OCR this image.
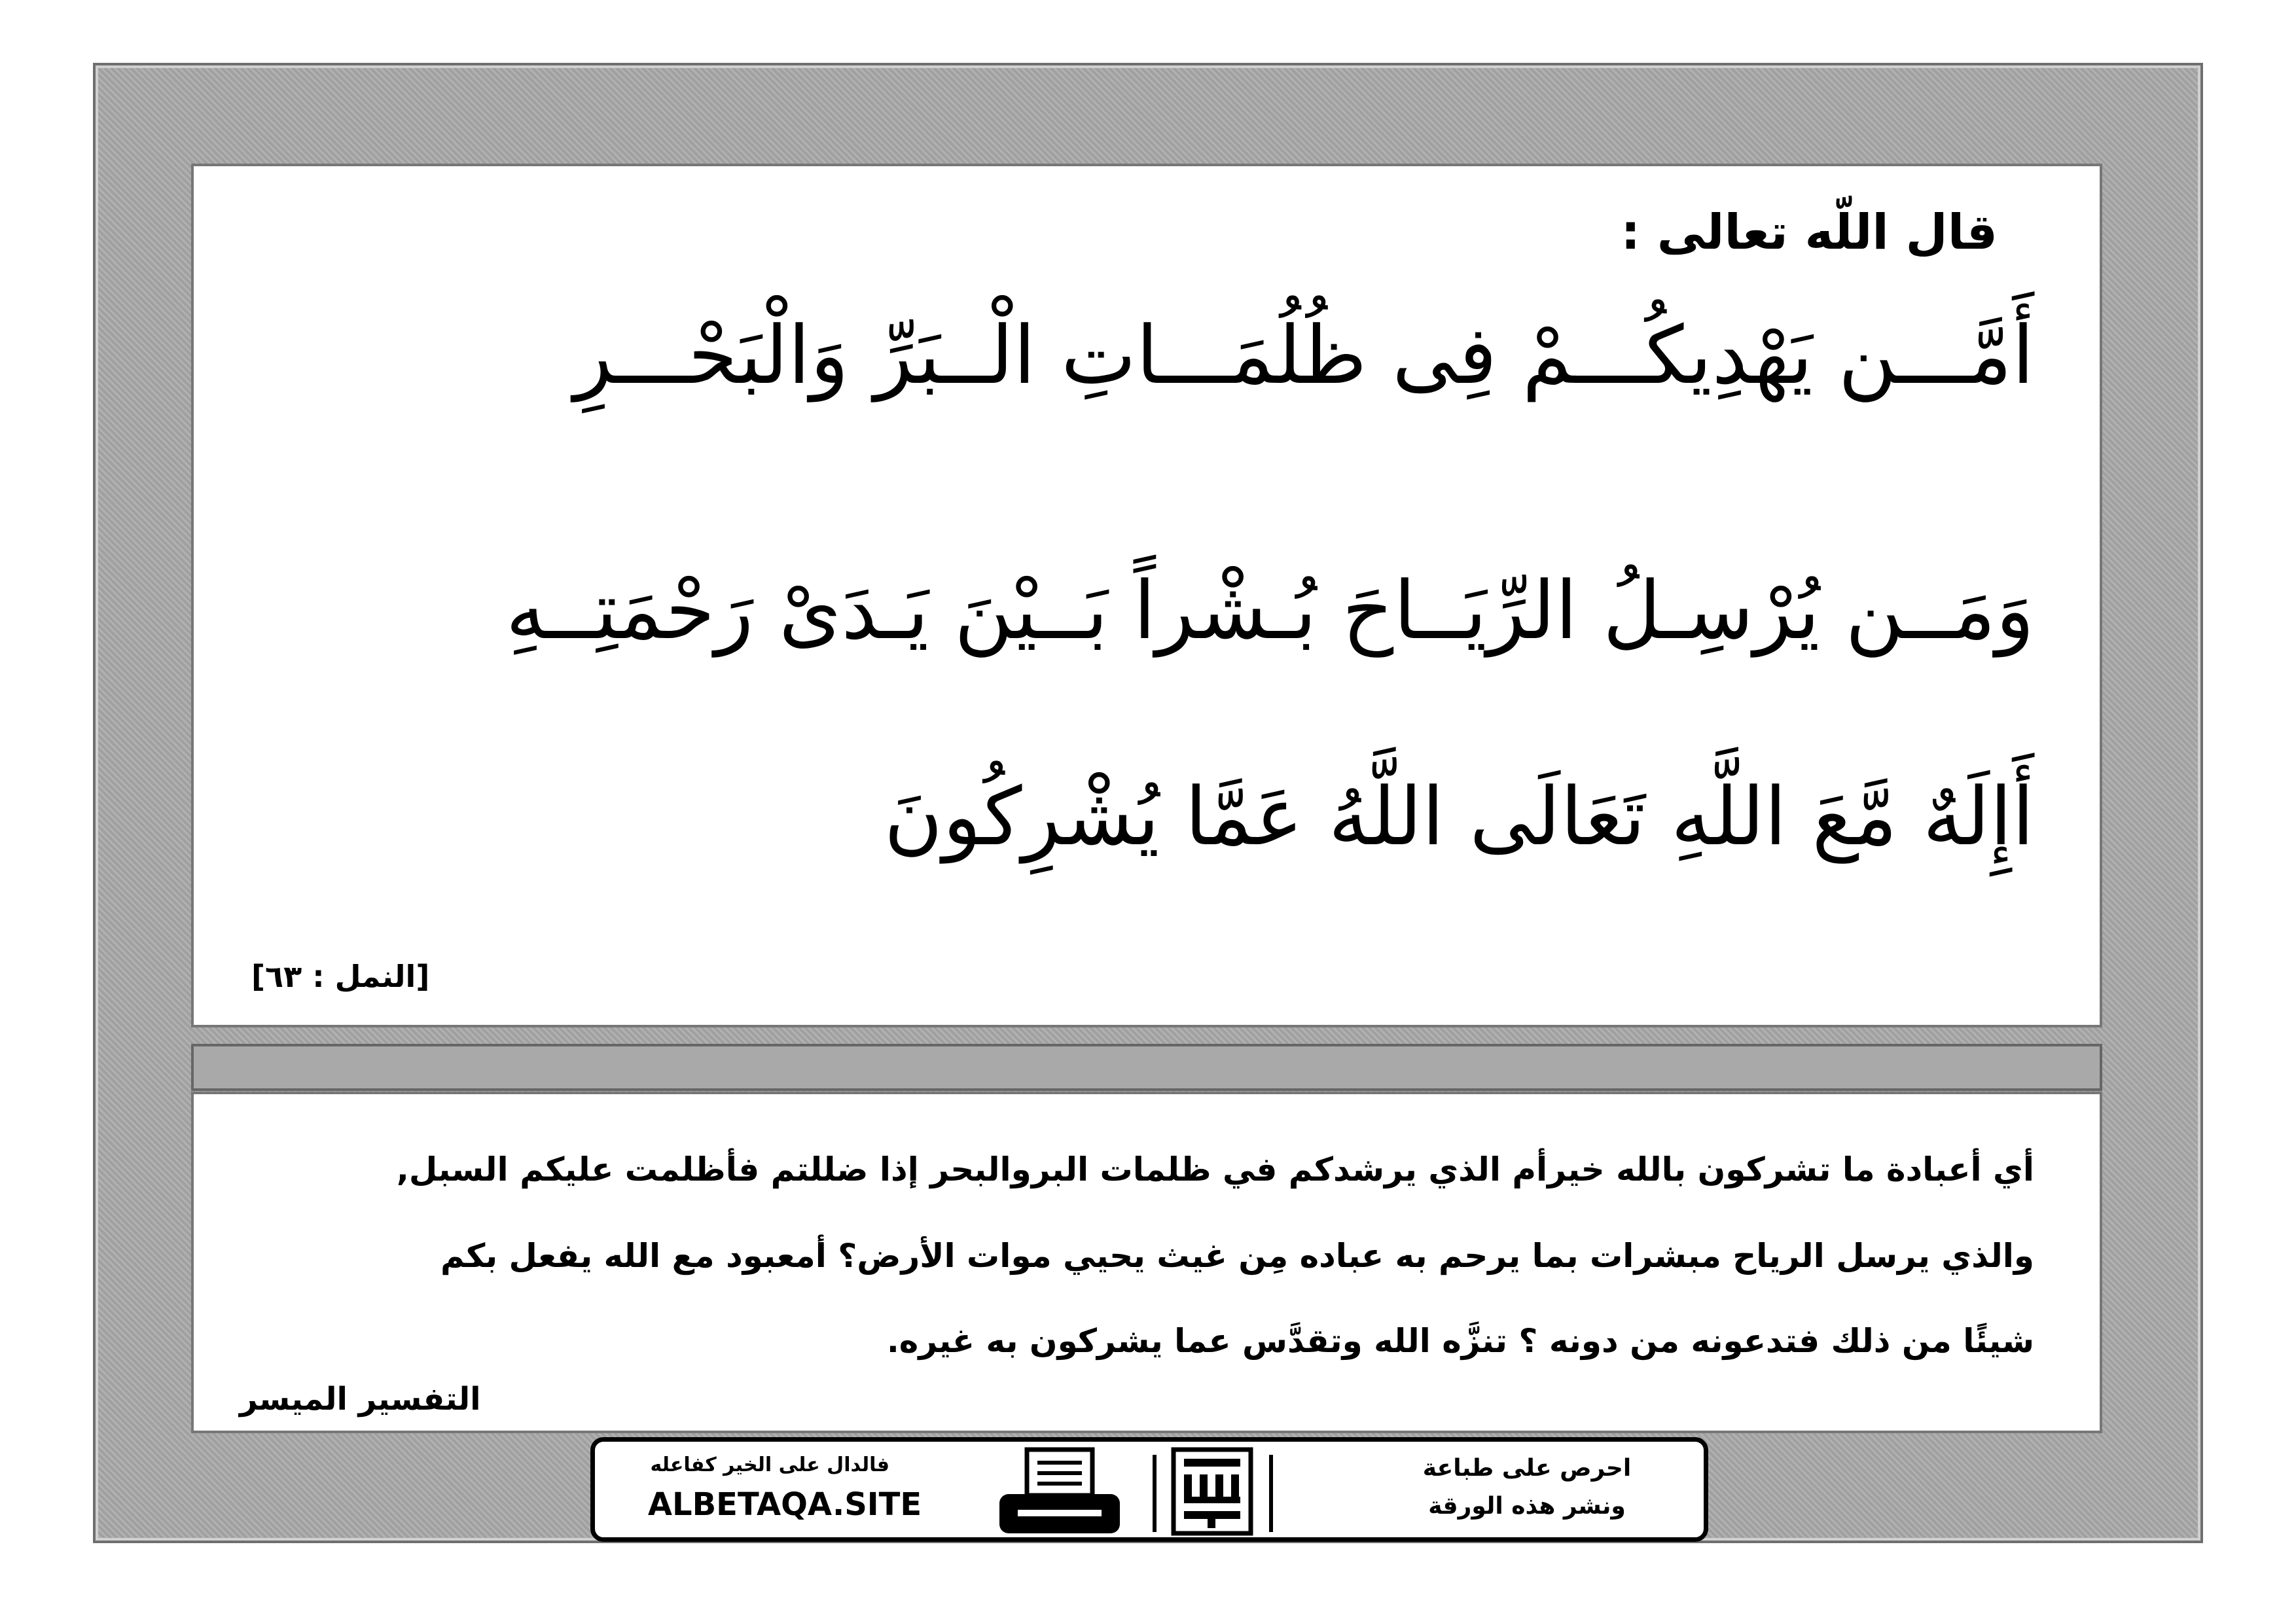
قال اللّه تعالى :

أَمَّـــن يَهْدِيكُـــمْ فِى ظُلُمَـــاتِ الْــبَرِّ وَالْبَحْـــرِ

وَمَــن يُرْسِـلُ الرِّيَــاحَ بُـشْراً بَــيْنَ يَـدَىْ رَحْمَتِــهِ

أَإِلَهٌ مَّعَ اللَّهِ تَعَالَى اللَّهُ عَمَّا يُشْرِكُونَ

[النمل : ٦٣]

أي أعبادة ما تشركون بالله خيرأم الذي يرشدكم في ظلمات البروالبحر إذا ضللتم فأظلمت عليكم السبل,

والذي يرسل الرياح مبشرات بما يرحم به عباده مِن غيث يحيي موات الأرض؟ أمعبود مع الله يفعل بكم

شيئًا من ذلك فتدعونه من دونه ؟ تنزَّه الله وتقدَّس عما يشركون به غيره.

التفسير الميسر

فالدال على الخير كفاعله

ALBETAQA.SITE

احرص على طباعة

ونشر هذه الورقة
